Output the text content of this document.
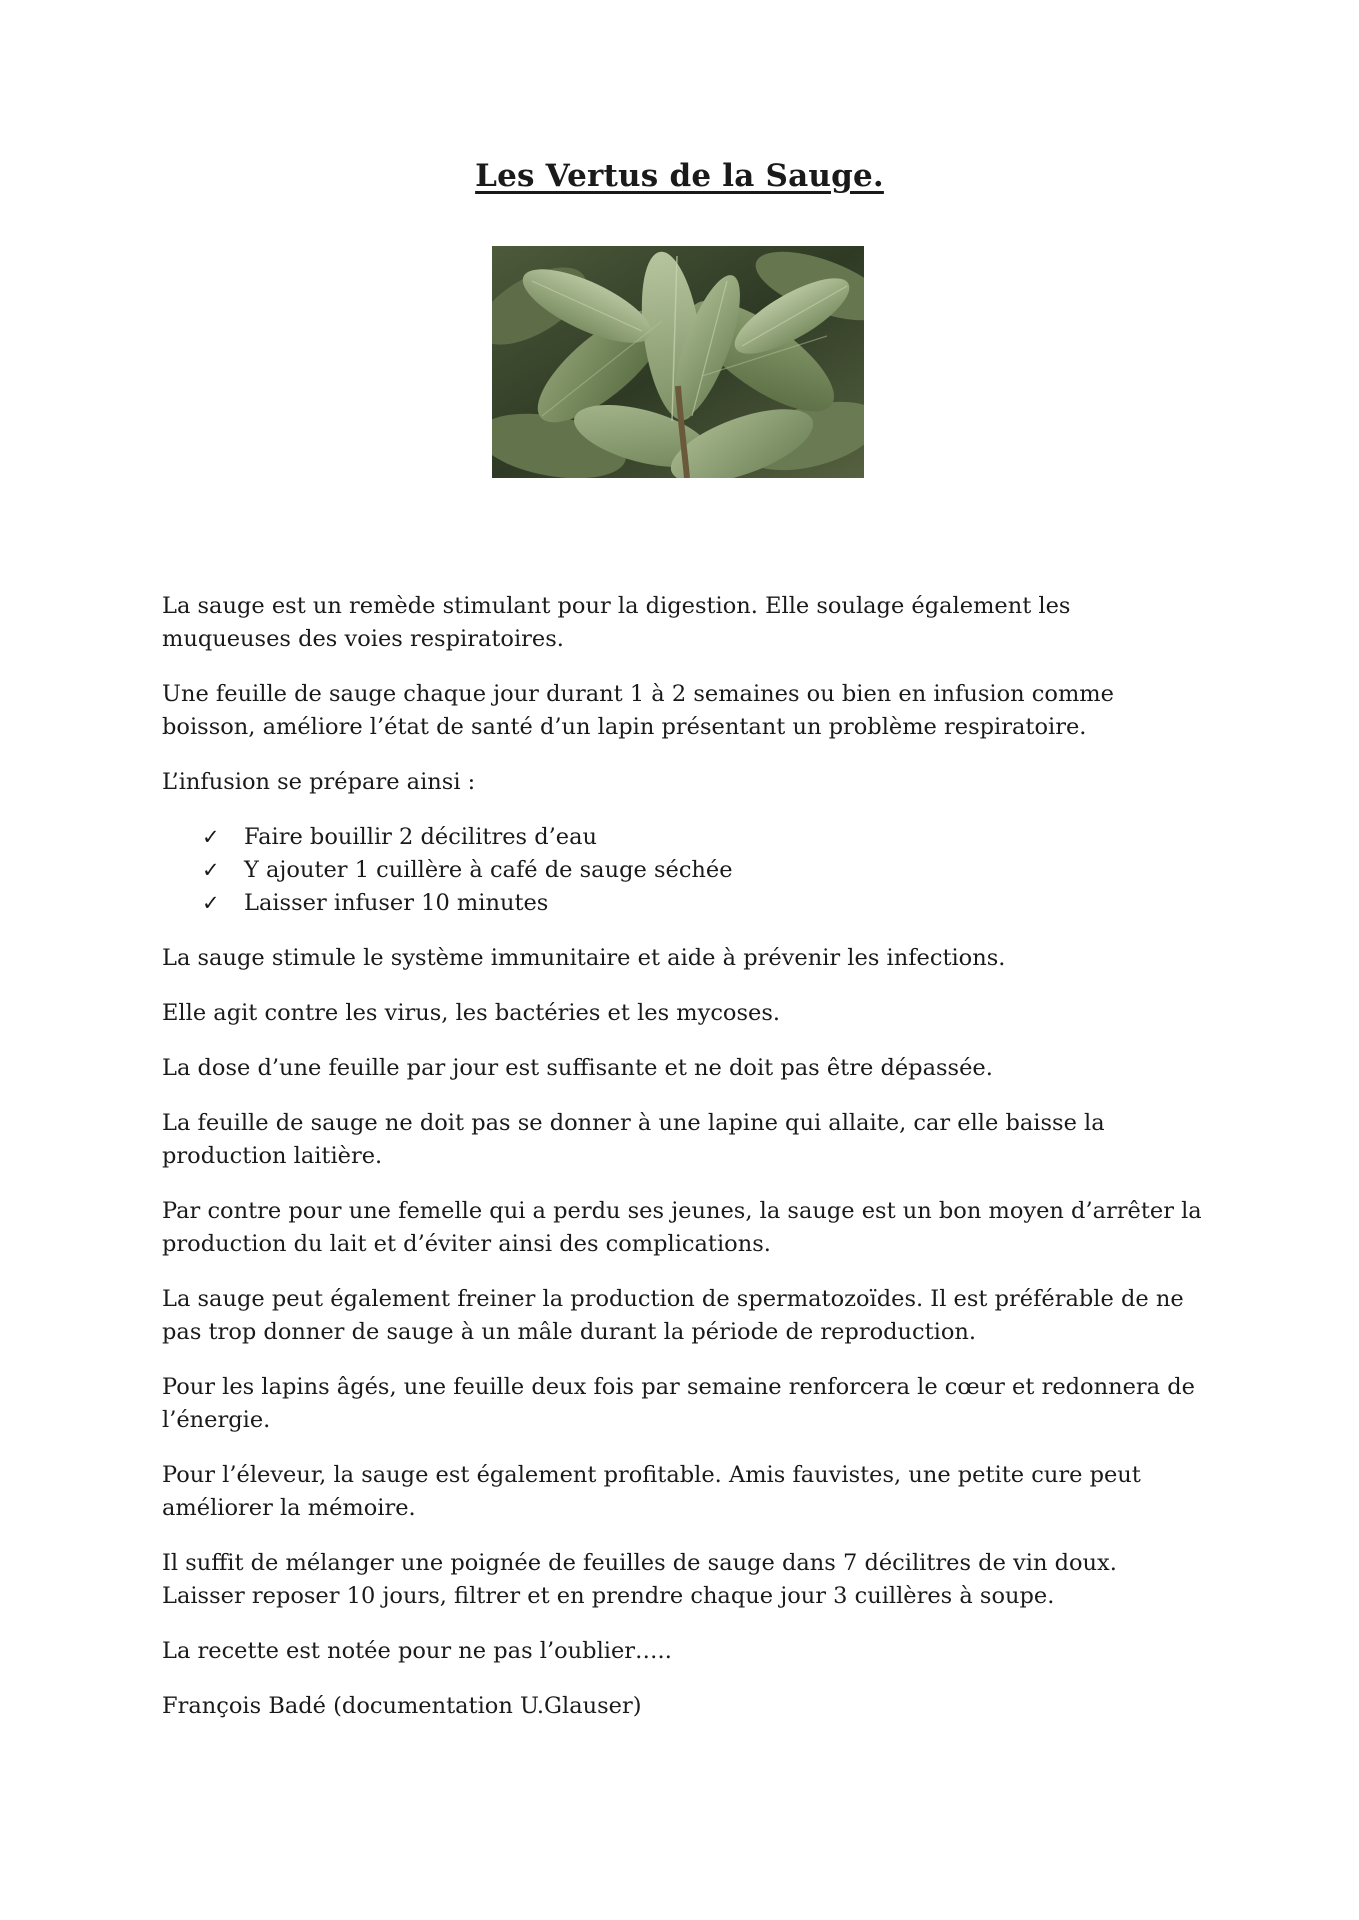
Les Vertus de la Sauge.

La sauge est un remède stimulant pour la digestion. Elle soulage également les muqueuses des voies respiratoires.

Une feuille de sauge chaque jour durant 1 à 2 semaines ou bien en infusion comme boisson, améliore l’état de santé d’un lapin présentant un problème respiratoire.

L’infusion se prépare ainsi :

✓	Faire bouillir 2 décilitres d’eau
✓	Y ajouter 1 cuillère à café de sauge séchée
✓	Laisser infuser 10 minutes

La sauge stimule le système immunitaire et aide à prévenir les infections.

Elle agit contre les virus, les bactéries et les mycoses.

La dose d’une feuille par jour est suffisante et ne doit pas être dépassée.

La feuille de sauge ne doit pas se donner à une lapine qui allaite, car elle baisse la production laitière.

Par contre pour une femelle qui a perdu ses jeunes, la sauge est un bon moyen d’arrêter la production du lait et d’éviter ainsi des complications.

La sauge peut également freiner la production de spermatozoïdes. Il est préférable de ne pas trop donner de sauge à un mâle durant la période de reproduction.

Pour les lapins âgés, une feuille deux fois par semaine renforcera le cœur et redonnera de l’énergie.

Pour l’éleveur, la sauge est également profitable. Amis fauvistes, une petite cure peut améliorer la mémoire.

Il suffit de mélanger une poignée de feuilles de sauge dans 7 décilitres de vin doux. Laisser reposer 10 jours, filtrer et en prendre chaque jour 3 cuillères à soupe.

La recette est notée pour ne pas l’oublier…..

François Badé (documentation U.Glauser)
